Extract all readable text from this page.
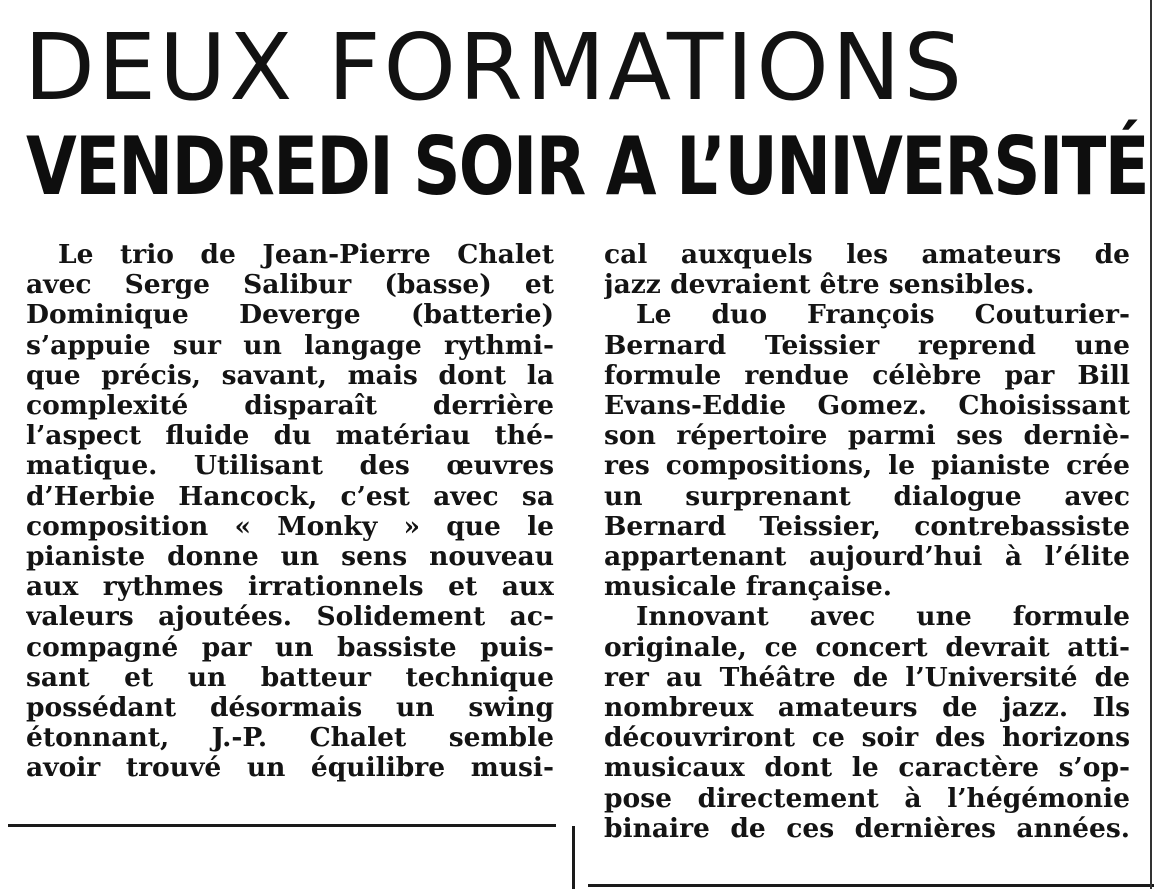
DEUX FORMATIONS
VENDREDI SOIR A L’UNIVERSITÉ
Le trio de Jean-Pierre Chalet
avec Serge Salibur (basse) et
Dominique Deverge (batterie)
s’appuie sur un langage rythmi-
que précis, savant, mais dont la
complexité disparaît derrière
l’aspect fluide du matériau thé-
matique. Utilisant des œuvres
d’Herbie Hancock, c’est avec sa
composition « Monky » que le
pianiste donne un sens nouveau
aux rythmes irrationnels et aux
valeurs ajoutées. Solidement ac-
compagné par un bassiste puis-
sant et un batteur technique
possédant désormais un swing
étonnant, J.-P. Chalet semble
avoir trouvé un équilibre musi-
cal auxquels les amateurs de
jazz devraient être sensibles.
Le duo François Couturier-
Bernard Teissier reprend une
formule rendue célèbre par Bill
Evans-Eddie Gomez. Choisissant
son répertoire parmi ses derniè-
res compositions, le pianiste crée
un surprenant dialogue avec
Bernard Teissier, contrebassiste
appartenant aujourd’hui à l’élite
musicale française.
Innovant avec une formule
originale, ce concert devrait atti-
rer au Théâtre de l’Université de
nombreux amateurs de jazz. Ils
découvriront ce soir des horizons
musicaux dont le caractère s’op-
pose directement à l’hégémonie
binaire de ces dernières années.
